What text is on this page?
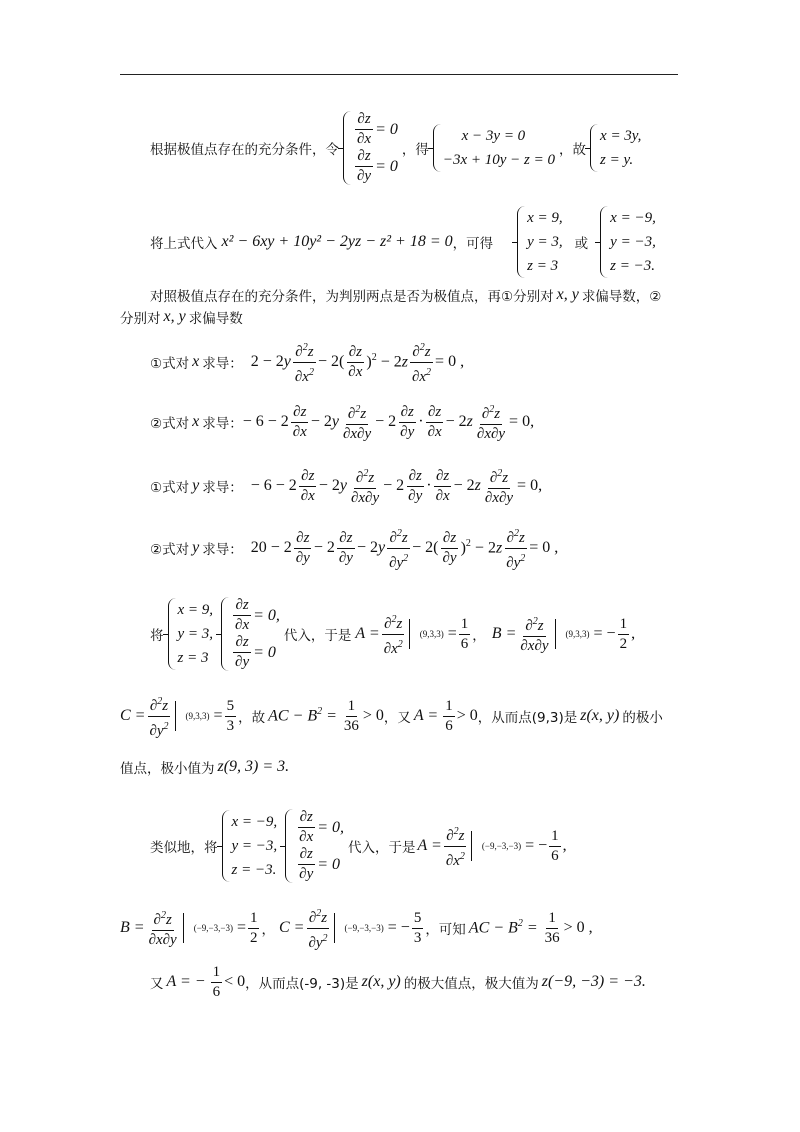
根据极值点存在的充分条件，令
$\frac{\partial z}{\partial x} = 0$
$\frac{\partial z}{\partial y} = 0$
，得
x − 3y = 0
−3x + 10y − z = 0
，故
x = 3y,
z = y.
将上式代入 x² − 6xy + 10y² − 2yz − z² + 18 = 0 ，可得
x = 9,
y = 3,
z = 3
或
x = −9,
y = −3,
z = −3.
对照极值点存在的充分条件，为判别两点是否为极值点，再①分别对 x, y 求偏导数，②
分别对 x, y 求偏导数
①式对 x 求导： $2 - 2y \frac{\partial^2z}{\partial x^2} - 2( \frac{\partial z}{\partial x} )^2 - 2z \frac{\partial^2z}{\partial x^2} = 0$ ,
②式对 x 求导： − $6 - 2 \frac{\partial z}{\partial x} - 2y \frac{\partial^2z}{\partial x\partial y} - 2 \frac{\partial z}{\partial y} \cdot \frac{\partial z}{\partial x} - 2z \frac{\partial^2z}{\partial x\partial y} = 0$,
①式对 y 求导： − $6 - 2 \frac{\partial z}{\partial x} - 2y \frac{\partial^2z}{\partial x\partial y} - 2 \frac{\partial z}{\partial y} \cdot \frac{\partial z}{\partial x} - 2z \frac{\partial^2z}{\partial x\partial y} = 0$,
②式对 y 求导： $20 - 2 \frac{\partial z}{\partial y} - 2 \frac{\partial z}{\partial y} - 2y \frac{\partial^2z}{\partial y^2} - 2( \frac{\partial z}{\partial y} )^2 - 2z \frac{\partial^2z}{\partial y^2} = 0$ ,
将
x = 9,
y = 3,
z = 3
$\frac{\partial z}{\partial x} = 0$,
$\frac{\partial z}{\partial y} = 0$
代入，于是 $A = \frac{\partial^2z}{\partial x^2} (9,3,3) = \frac{1}{6}$ ， $B = \frac{\partial^2z}{\partial x\partial y} (9,3,3)$ = − $\frac{1}{2}$ ,
$C = \frac{\partial^2z}{\partial y^2} (9,3,3) = \frac{5}{3}$ ，故 AC − $B^2 = \frac{1}{36} > 0$ ，又 $A = \frac{1}{6} > 0$ ，从而点(9,3)是 z(x, y) 的极小
值点，极小值为 z(9, 3) = 3.
类似地，将
x = −9,
y = −3,
z = −3.
$\frac{\partial z}{\partial x} = 0$,
$\frac{\partial z}{\partial y} = 0$
代入，于是 $A = \frac{\partial^2z}{\partial x^2} (-9,-3,-3)$ = − $\frac{1}{6}$ ,
$B = \frac{\partial^2z}{\partial x\partial y} (-9,-3,-3) = \frac{1}{2}$ ， $C = \frac{\partial^2z}{\partial y^2} (-9,-3,-3)$ = − $\frac{5}{3}$ ，可知 AC − $B^2 = \frac{1}{36} > 0$ ,
又 A = − $\frac{1}{6} < 0$ ，从而点(-9, -3)是 z(x, y) 的极大值点，极大值为 z(−9, −3) = −3.
